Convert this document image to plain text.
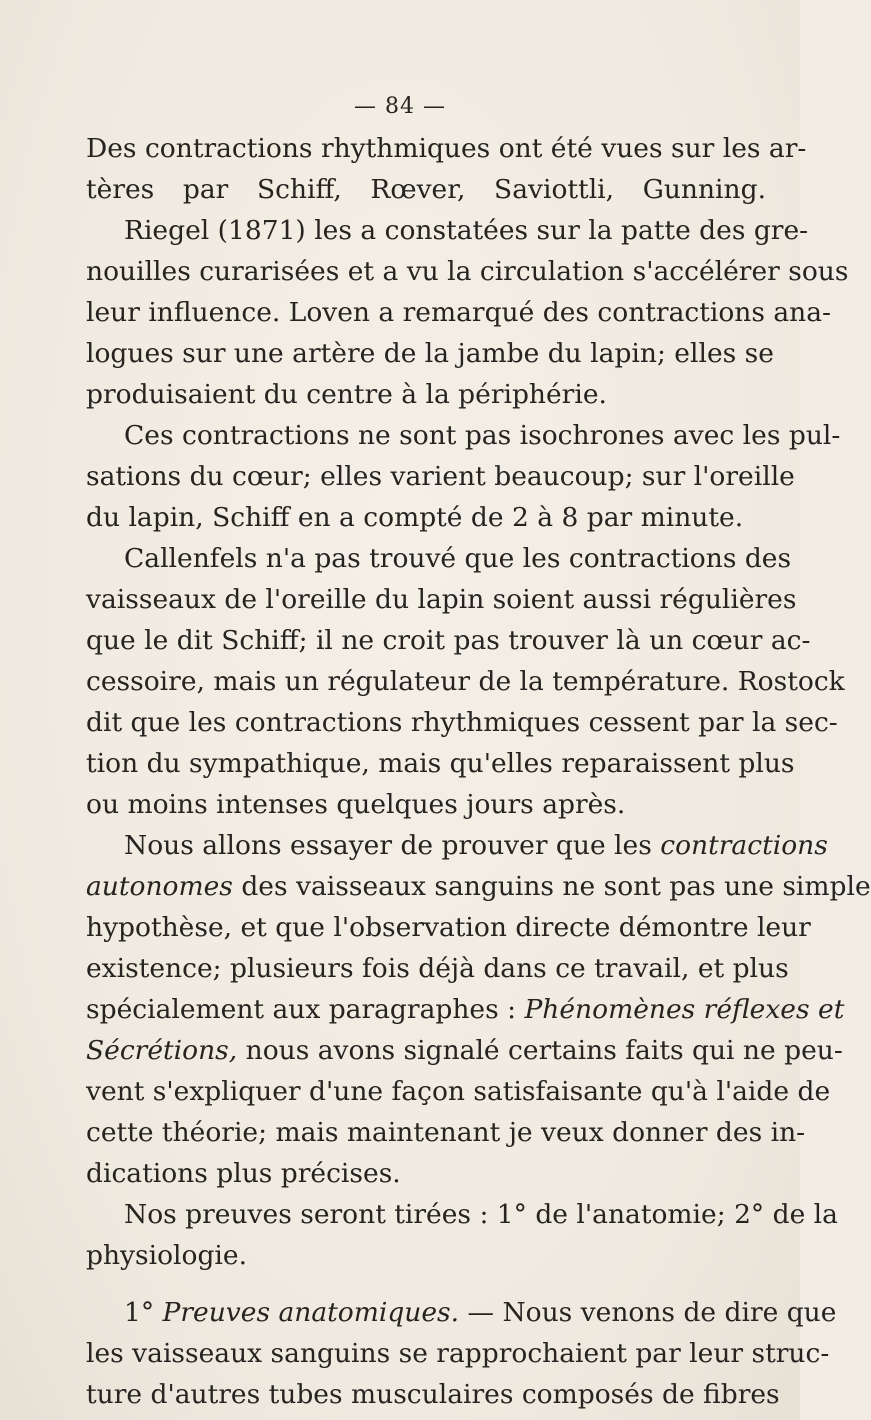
— 84 —
Des contractions rhythmiques ont été vues sur les ar-
tères par Schiff, Rœver, Saviottli, Gunning.
Riegel (1871) les a constatées sur la patte des gre-
nouilles curarisées et a vu la circulation s'accélérer sous
leur influence. Loven a remarqué des contractions ana-
logues sur une artère de la jambe du lapin; elles se
produisaient du centre à la périphérie.
Ces contractions ne sont pas isochrones avec les pul-
sations du cœur; elles varient beaucoup; sur l'oreille
du lapin, Schiff en a compté de 2 à 8 par minute.
Callenfels n'a pas trouvé que les contractions des
vaisseaux de l'oreille du lapin soient aussi régulières
que le dit Schiff; il ne croit pas trouver là un cœur ac-
cessoire, mais un régulateur de la température. Rostock
dit que les contractions rhythmiques cessent par la sec-
tion du sympathique, mais qu'elles reparaissent plus
ou moins intenses quelques jours après.
Nous allons essayer de prouver que les contractions
autonomes des vaisseaux sanguins ne sont pas une simple
hypothèse, et que l'observation directe démontre leur
existence; plusieurs fois déjà dans ce travail, et plus
spécialement aux paragraphes : Phénomènes réflexes et
Sécrétions, nous avons signalé certains faits qui ne peu-
vent s'expliquer d'une façon satisfaisante qu'à l'aide de
cette théorie; mais maintenant je veux donner des in-
dications plus précises.
Nos preuves seront tirées : 1° de l'anatomie; 2° de la
physiologie.
1° Preuves anatomiques. — Nous venons de dire que
les vaisseaux sanguins se rapprochaient par leur struc-
ture d'autres tubes musculaires composés de fibres
